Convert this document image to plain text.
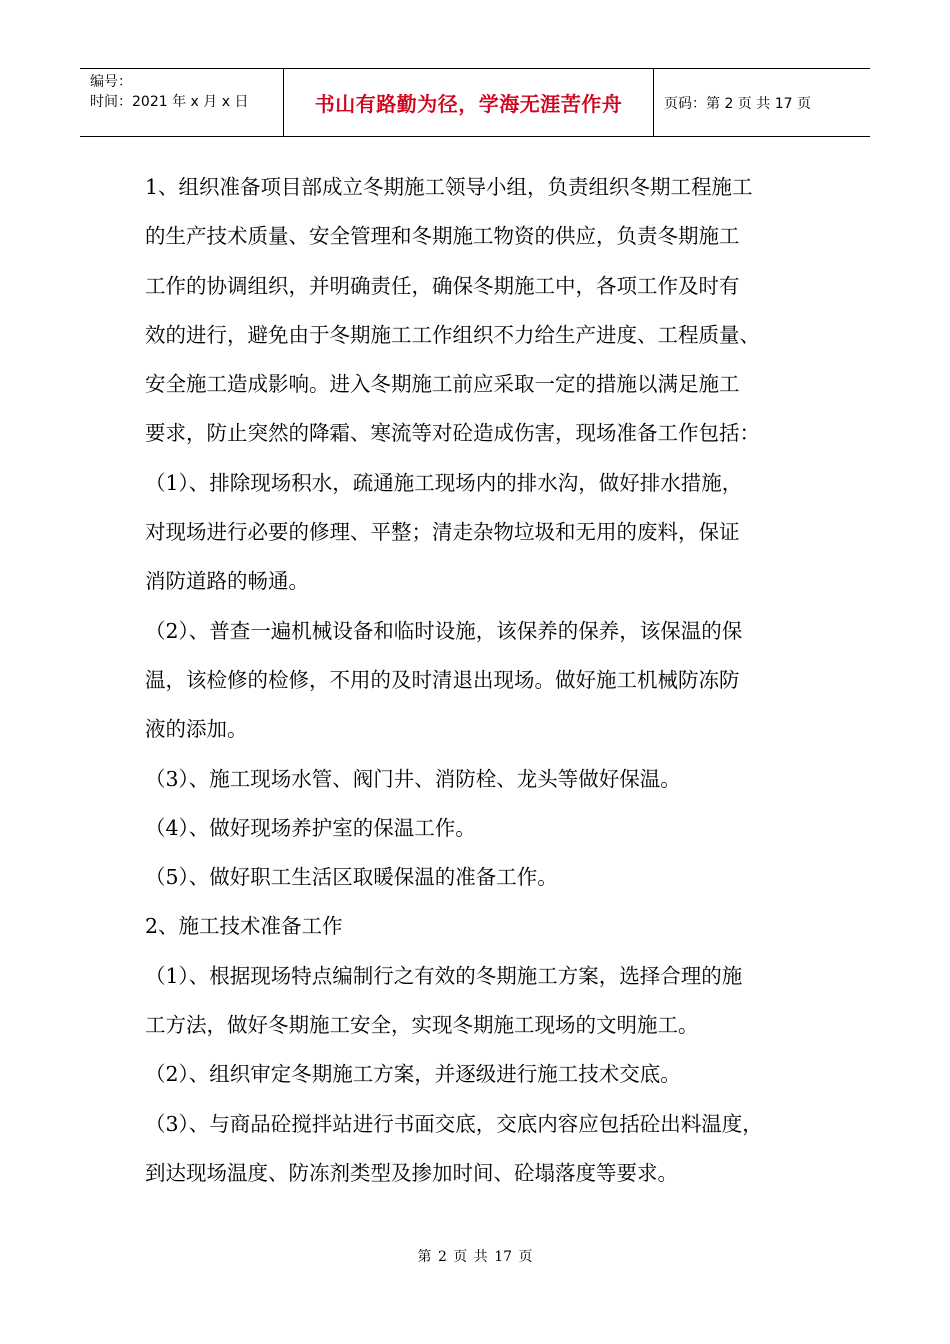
编号：
时间：2021 年 x 月 x 日	书山有路勤为径，学海无涯苦作舟	页码：第 2 页 共 17 页
1、组织准备项目部成立冬期施工领导小组，负责组织冬期工程施工
的生产技术质量、安全管理和冬期施工物资的供应，负责冬期施工
工作的协调组织，并明确责任，确保冬期施工中，各项工作及时有
效的进行，避免由于冬期施工工作组织不力给生产进度、工程质量、
安全施工造成影响。进入冬期施工前应采取一定的措施以满足施工
要求，防止突然的降霜、寒流等对砼造成伤害，现场准备工作包括：
（1）、排除现场积水，疏通施工现场内的排水沟，做好排水措施，
对现场进行必要的修理、平整；清走杂物垃圾和无用的废料，保证
消防道路的畅通。
（2）、普查一遍机械设备和临时设施，该保养的保养，该保温的保
温，该检修的检修，不用的及时清退出现场。做好施工机械防冻防
液的添加。
（3）、施工现场水管、阀门井、消防栓、龙头等做好保温。
（4）、做好现场养护室的保温工作。
（5）、做好职工生活区取暖保温的准备工作。
2、施工技术准备工作
（1）、根据现场特点编制行之有效的冬期施工方案，选择合理的施
工方法，做好冬期施工安全，实现冬期施工现场的文明施工。
（2）、组织审定冬期施工方案，并逐级进行施工技术交底。
（3）、与商品砼搅拌站进行书面交底，交底内容应包括砼出料温度，
到达现场温度、防冻剂类型及掺加时间、砼塌落度等要求。
第 2 页 共 17 页
